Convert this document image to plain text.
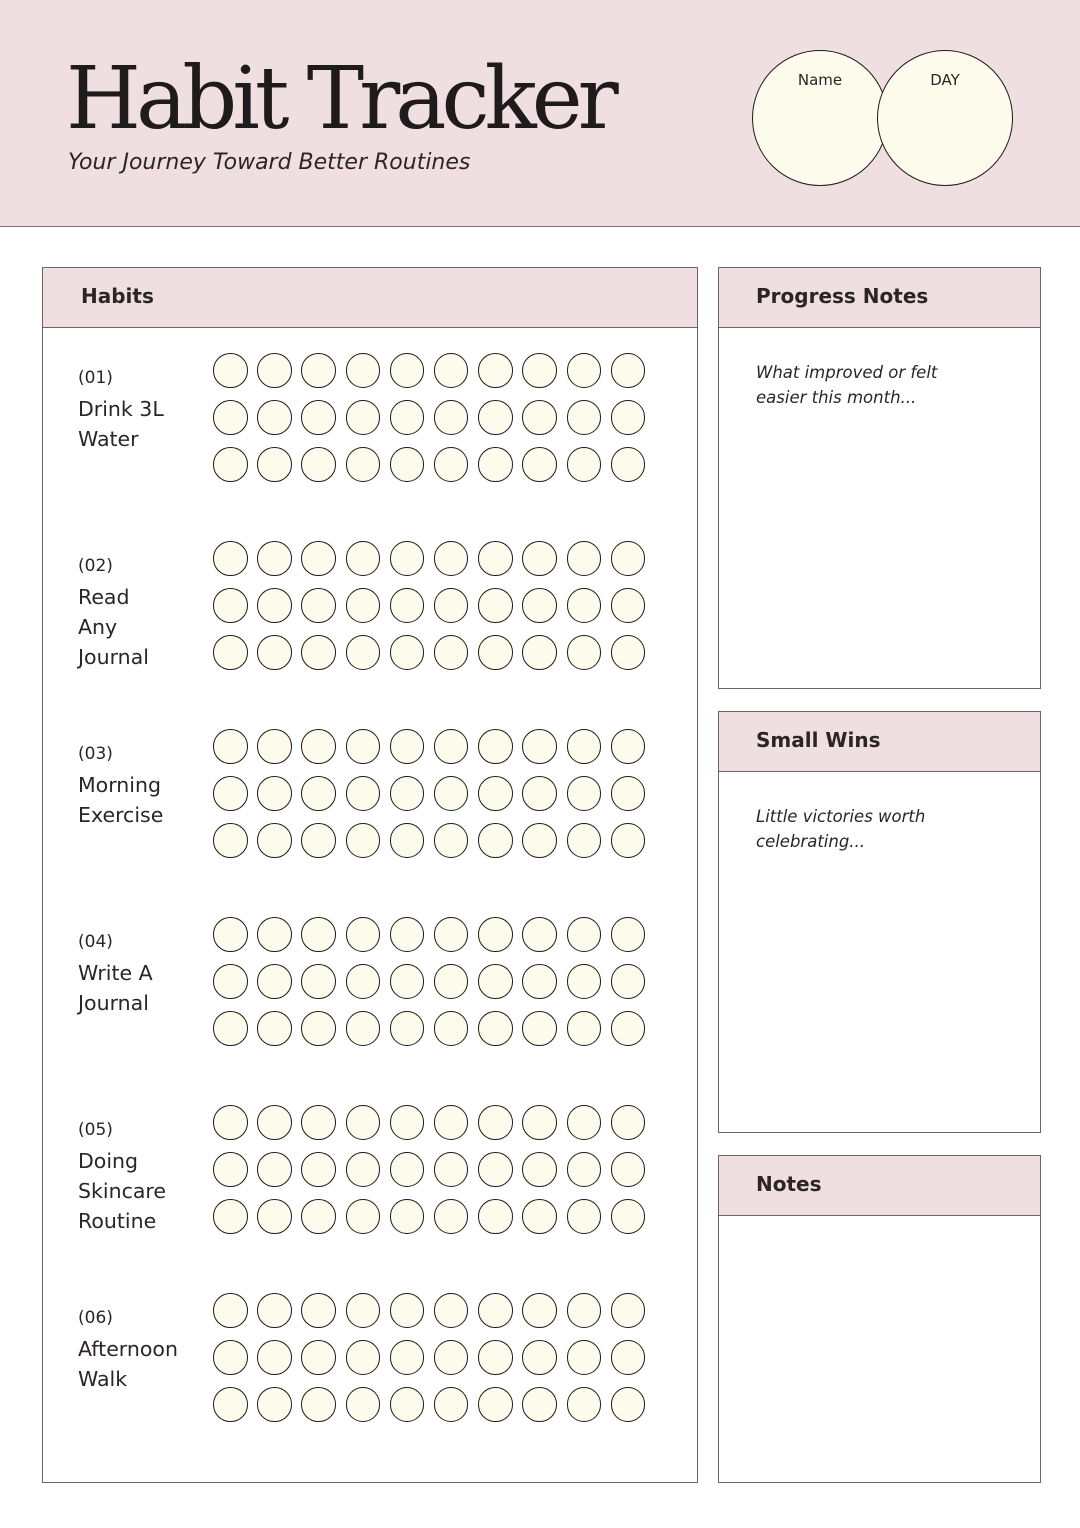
Habit Tracker
Your Journey Toward Better Routines
Name	DAY
Habits
(01)
Drink 3L
Water
(02)
Read
Any
Journal
(03)
Morning
Exercise
(04)
Write A
Journal
(05)
Doing
Skincare
Routine
(06)
Afternoon
Walk
Progress Notes
What improved or felt easier this month...
Small Wins
Little victories worth celebrating...
Notes
